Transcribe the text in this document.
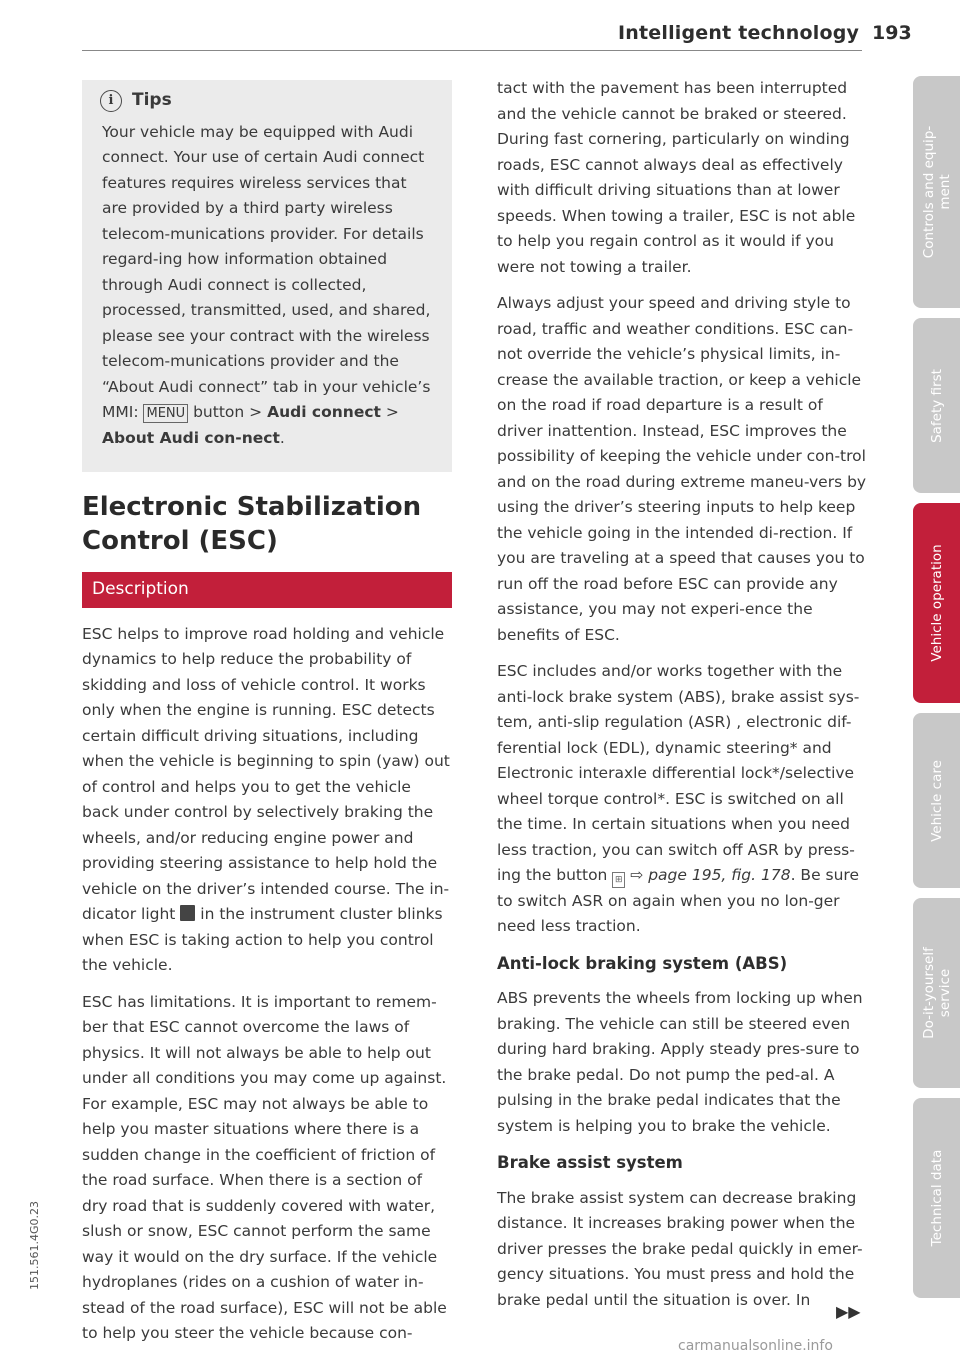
Intelligent technology 193
i	Tips

Your vehicle may be equipped with Audi connect. Your use of certain Audi connect features requires wireless services that are provided by a third party wireless telecom-munications provider. For details regard-ing how information obtained through Audi connect is collected, processed, transmitted, used, and shared, please see your contract with the wireless telecom-munications provider and the “About Audi connect” tab in your vehicle’s MMI: MENU button > Audi connect > About Audi con-nect.

Electronic Stabilization Control (ESC)
Description

ESC helps to improve road holding and vehicle dynamics to help reduce the probability of skidding and loss of vehicle control. It works only when the engine is running. ESC detects certain difficult driving situations, including when the vehicle is beginning to spin (yaw) out of control and helps you to get the vehicle back under control by selectively braking the wheels, and/or reducing engine power and providing steering assistance to help hold the vehicle on the driver’s intended course. The in-dicator light in the instrument cluster blinks when ESC is taking action to help you control the vehicle.

ESC has limitations. It is important to remem-ber that ESC cannot overcome the laws of physics. It will not always be able to help out under all conditions you may come up against. For example, ESC may not always be able to help you master situations where there is a sudden change in the coefficient of friction of the road surface. When there is a section of dry road that is suddenly covered with water, slush or snow, ESC cannot perform the same way it would on the dry surface. If the vehicle hydroplanes (rides on a cushion of water in-stead of the road surface), ESC will not be able to help you steer the vehicle because con-

tact with the pavement has been interrupted and the vehicle cannot be braked or steered. During fast cornering, particularly on winding roads, ESC cannot always deal as effectively with difficult driving situations than at lower speeds. When towing a trailer, ESC is not able to help you regain control as it would if you were not towing a trailer.

Always adjust your speed and driving style to road, traffic and weather conditions. ESC can-not override the vehicle’s physical limits, in-crease the available traction, or keep a vehicle on the road if road departure is a result of driver inattention. Instead, ESC improves the possibility of keeping the vehicle under con-trol and on the road during extreme maneu-vers by using the driver’s steering inputs to help keep the vehicle going in the intended di-rection. If you are traveling at a speed that causes you to run off the road before ESC can provide any assistance, you may not experi-ence the benefits of ESC.

ESC includes and/or works together with the anti-lock brake system (ABS), brake assist sys-tem, anti-slip regulation (ASR) , electronic dif-ferential lock (EDL), dynamic steering* and Electronic interaxle differential lock*/selective wheel torque control*. ESC is switched on all the time. In certain situations when you need less traction, you can switch off ASR by press-ing the button ⊞ ⇨ page 195, fig. 178. Be sure to switch ASR on again when you no lon-ger need less traction.

Anti-lock braking system (ABS)

ABS prevents the wheels from locking up when braking. The vehicle can still be steered even during hard braking. Apply steady pres-sure to the brake pedal. Do not pump the ped-al. A pulsing in the brake pedal indicates that the system is helping you to brake the vehicle.

Brake assist system

The brake assist system can decrease braking distance. It increases braking power when the driver presses the brake pedal quickly in emer-gency situations. You must press and hold the brake pedal until the situation is over. In

▶▶
Controls and equip-
ment
Safety first
Vehicle operation
Vehicle care
Do-it-yourself
service
Technical data
151.561.4G0.23
carmanualsonline.info
